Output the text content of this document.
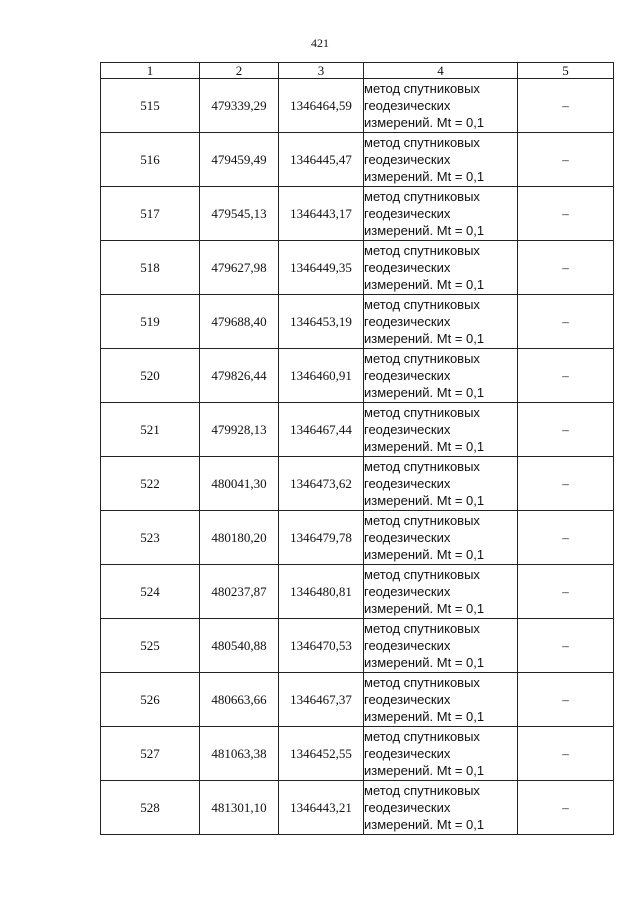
421
1	2	3	4	5
515	479339,29	1346464,59	метод спутниковых
геодезических
измерений. Mt = 0,1	–
516	479459,49	1346445,47	метод спутниковых
геодезических
измерений. Mt = 0,1	–
517	479545,13	1346443,17	метод спутниковых
геодезических
измерений. Mt = 0,1	–
518	479627,98	1346449,35	метод спутниковых
геодезических
измерений. Mt = 0,1	–
519	479688,40	1346453,19	метод спутниковых
геодезических
измерений. Mt = 0,1	–
520	479826,44	1346460,91	метод спутниковых
геодезических
измерений. Mt = 0,1	–
521	479928,13	1346467,44	метод спутниковых
геодезических
измерений. Mt = 0,1	–
522	480041,30	1346473,62	метод спутниковых
геодезических
измерений. Mt = 0,1	–
523	480180,20	1346479,78	метод спутниковых
геодезических
измерений. Mt = 0,1	–
524	480237,87	1346480,81	метод спутниковых
геодезических
измерений. Mt = 0,1	–
525	480540,88	1346470,53	метод спутниковых
геодезических
измерений. Mt = 0,1	–
526	480663,66	1346467,37	метод спутниковых
геодезических
измерений. Mt = 0,1	–
527	481063,38	1346452,55	метод спутниковых
геодезических
измерений. Mt = 0,1	–
528	481301,10	1346443,21	метод спутниковых
геодезических
измерений. Mt = 0,1	–
